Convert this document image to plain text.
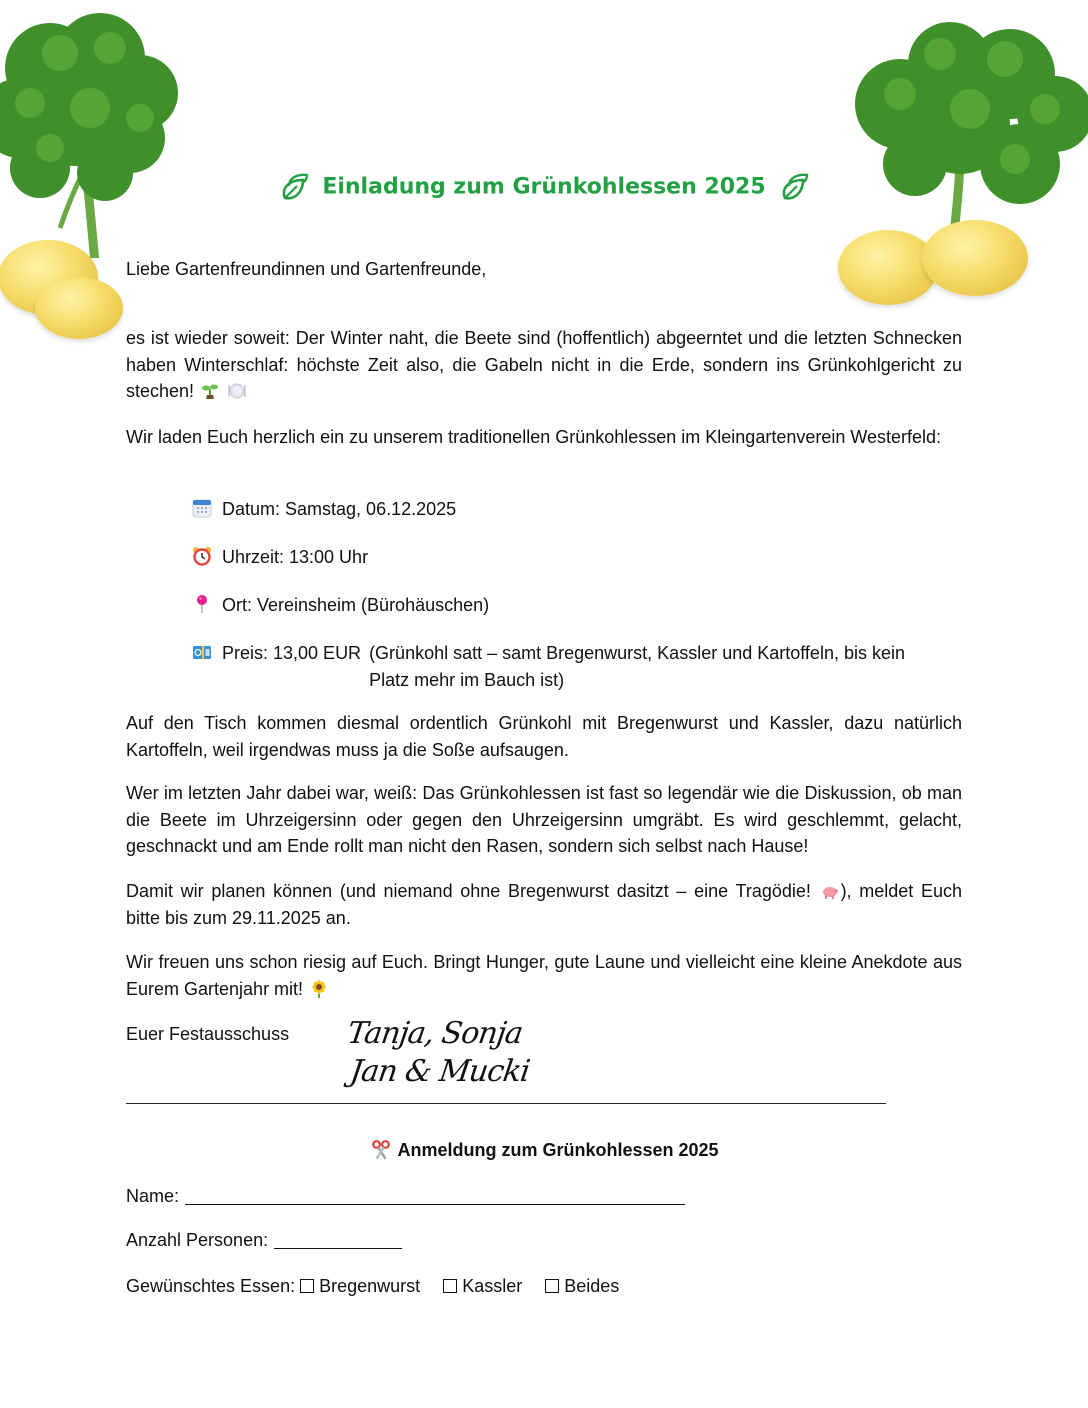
Einladung zum Grünkohlessen 2025
Liebe Gartenfreundinnen und Gartenfreunde,
es ist wieder soweit: Der Winter naht, die Beete sind (hoffentlich) abgeerntet und die letzten Schnecken haben Winterschlaf: höchste Zeit also, die Gabeln nicht in die Erde, sondern ins Grünkohlgericht zu stechen!
Wir laden Euch herzlich ein zu unserem traditionellen Grünkohlessen im Kleingartenverein Westerfeld:
Datum: Samstag, 06.12.2025
Uhrzeit: 13:00 Uhr
Ort: Vereinsheim (Bürohäuschen)
Preis: 13,00 EUR (Grünkohl satt – samt Bregenwurst, Kassler und Kartoffeln, bis kein Platz mehr im Bauch ist)
Auf den Tisch kommen diesmal ordentlich Grünkohl mit Bregenwurst und Kassler, dazu natürlich Kartoffeln, weil irgendwas muss ja die Soße aufsaugen.
Wer im letzten Jahr dabei war, weiß: Das Grünkohlessen ist fast so legendär wie die Diskussion, ob man die Beete im Uhrzeigersinn oder gegen den Uhrzeigersinn umgräbt. Es wird geschlemmt, gelacht, geschnackt und am Ende rollt man nicht den Rasen, sondern sich selbst nach Hause!
Damit wir planen können (und niemand ohne Bregenwurst dasitzt – eine Tragödie! ), meldet Euch bitte bis zum 29.11.2025 an.
Wir freuen uns schon riesig auf Euch. Bringt Hunger, gute Laune und vielleicht eine kleine Anekdote aus Eurem Gartenjahr mit!
Euer Festausschuss Tanja, Sonja
Jan & Mucki
Anmeldung zum Grünkohlessen 2025
Name:
Anzahl Personen:
Gewünschtes Essen: Bregenwurst Kassler Beides
